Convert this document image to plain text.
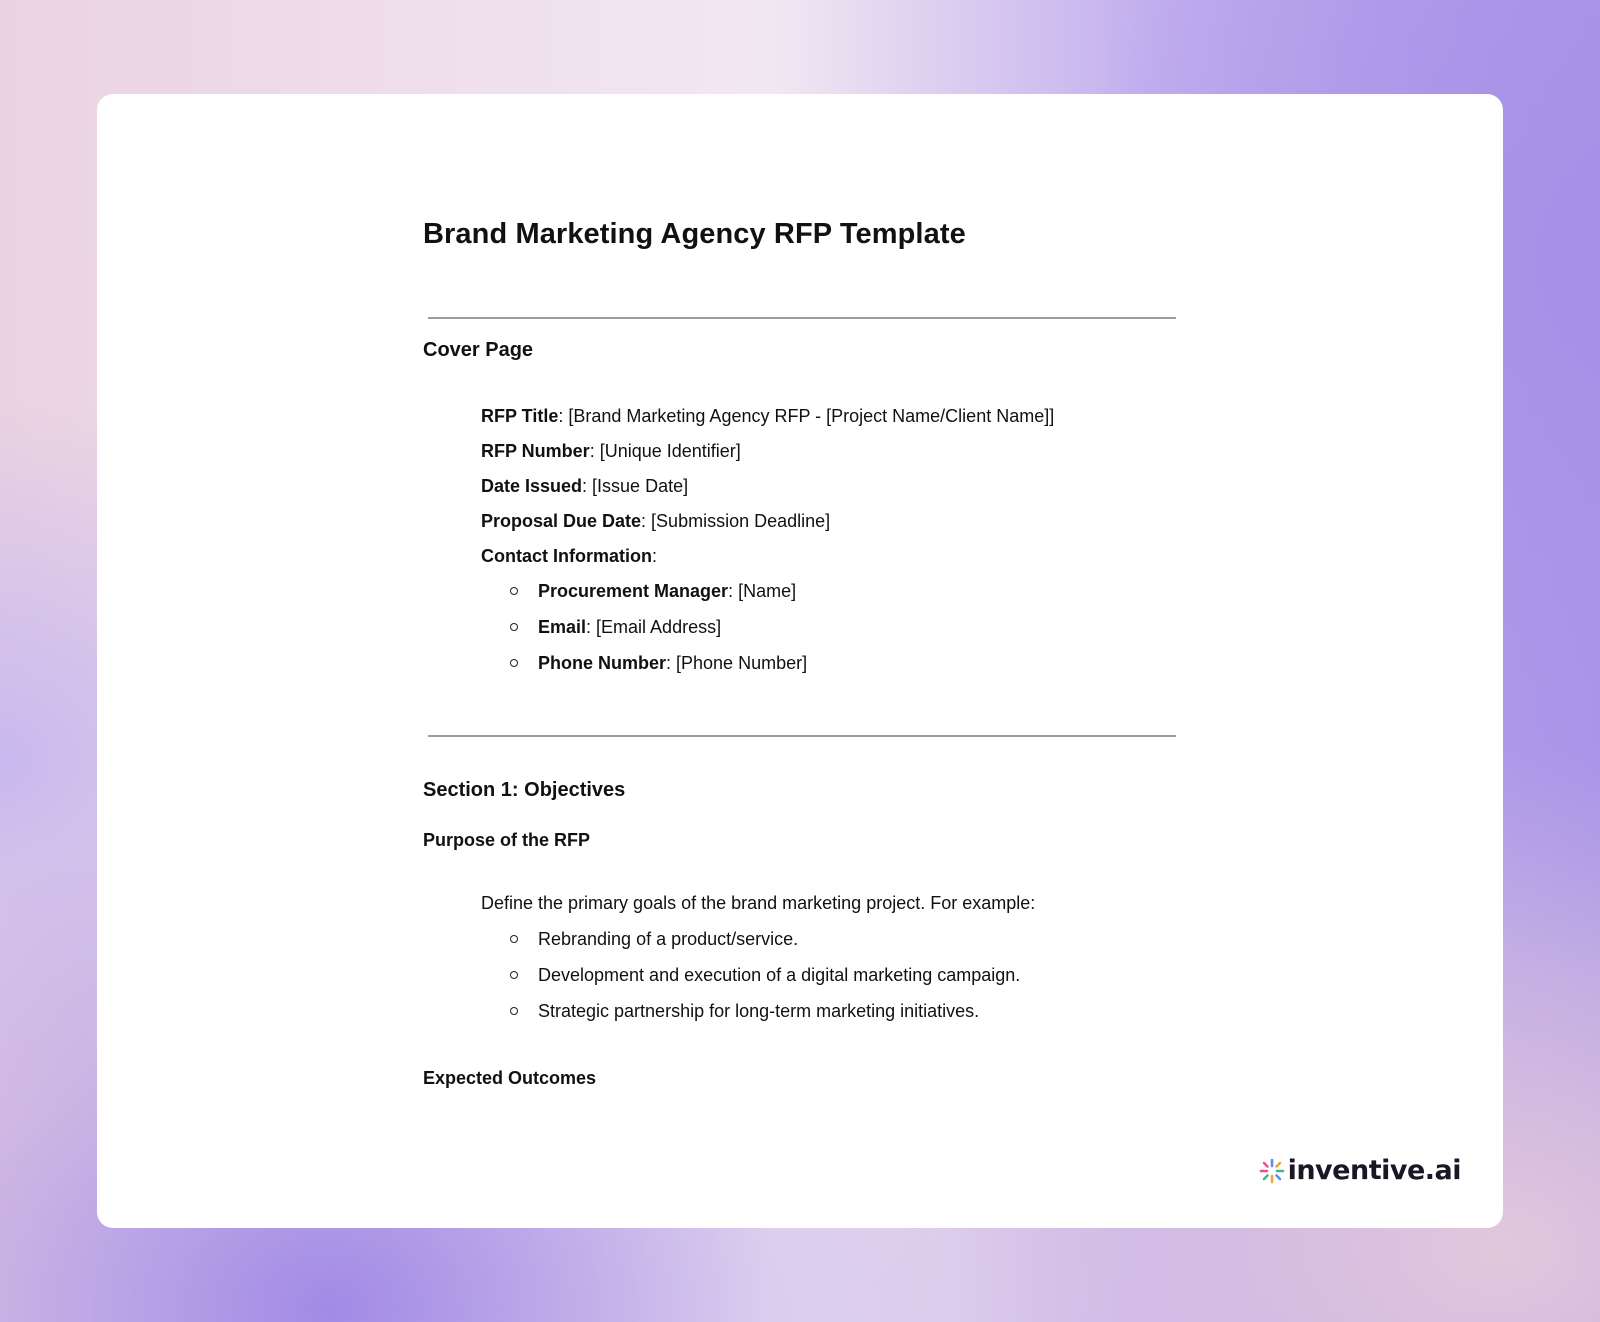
Brand Marketing Agency RFP Template
Cover Page
RFP Title: [Brand Marketing Agency RFP - [Project Name/Client Name]]
RFP Number: [Unique Identifier]
Date Issued: [Issue Date]
Proposal Due Date: [Submission Deadline]
Contact Information:
Procurement Manager: [Name]
Email: [Email Address]
Phone Number: [Phone Number]
Section 1: Objectives
Purpose of the RFP
Define the primary goals of the brand marketing project. For example:
Rebranding of a product/service.
Development and execution of a digital marketing campaign.
Strategic partnership for long-term marketing initiatives.
Expected Outcomes
inventive.ai
